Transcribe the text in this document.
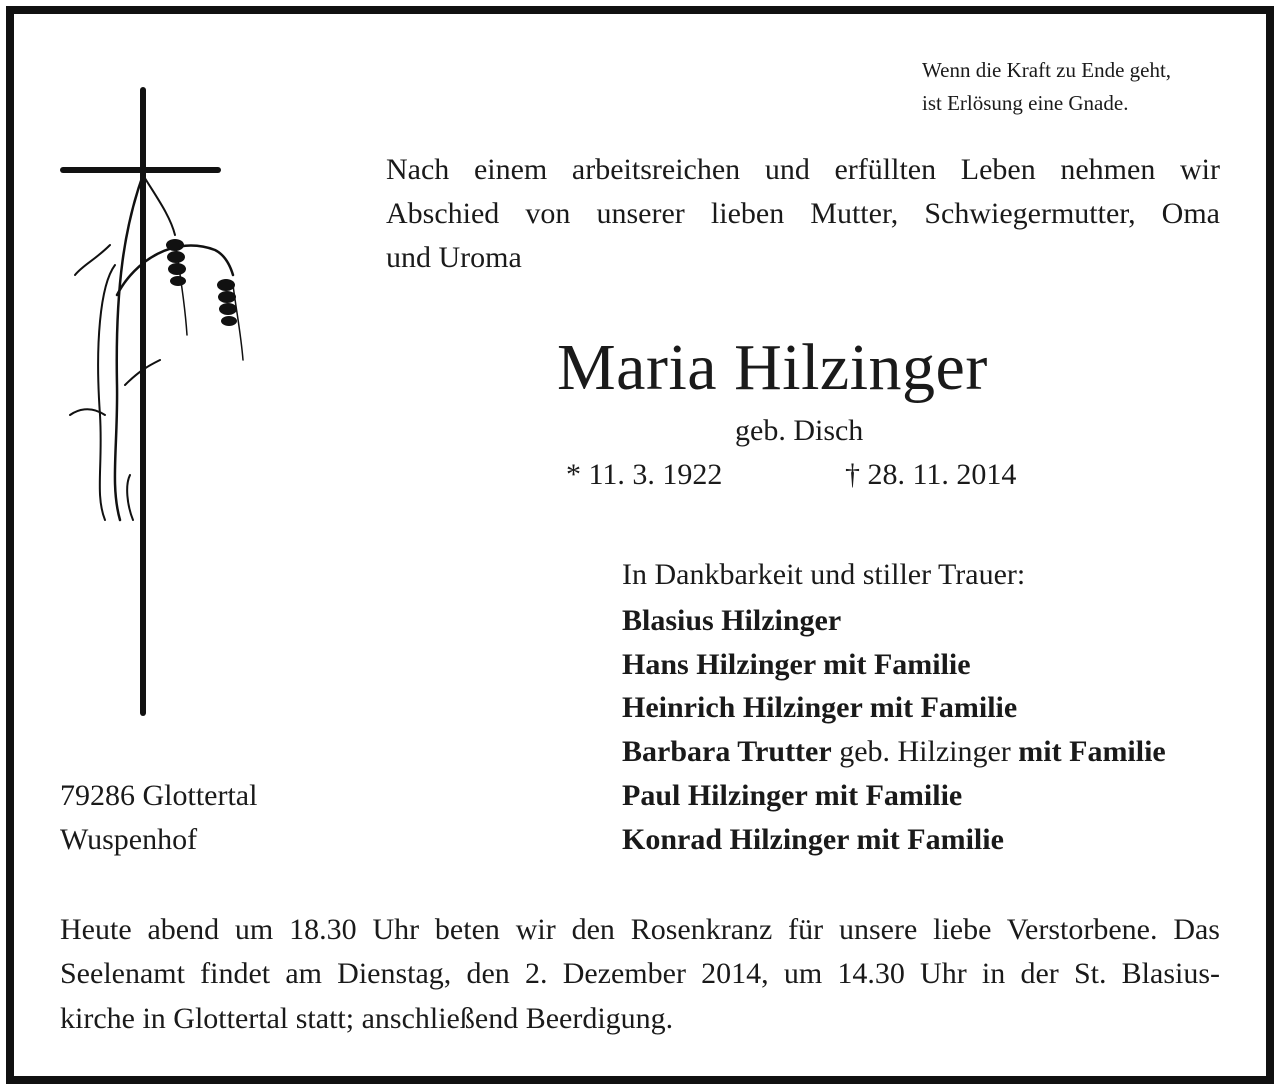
Wenn die Kraft zu Ende geht,
ist Erlösung eine Gnade.
Nach einem arbeitsreichen und erfüllten Leben nehmen wir
Abschied von unserer lieben Mutter, Schwiegermutter, Oma
und Uroma
Maria Hilzinger
geb. Disch
* 11. 3. 1922	† 28. 11. 2014
In Dankbarkeit und stiller Trauer:
Blasius Hilzinger
Hans Hilzinger mit Familie
Heinrich Hilzinger mit Familie
Barbara Trutter geb. Hilzinger mit Familie
Paul Hilzinger mit Familie
Konrad Hilzinger mit Familie
79286 Glottertal
Wuspenhof
Heute abend um 18.30 Uhr beten wir den Rosenkranz für unsere liebe Verstorbene. Das
Seelenamt findet am Dienstag, den 2. Dezember 2014, um 14.30 Uhr in der St. Blasius-
kirche in Glottertal statt; anschließend Beerdigung.
